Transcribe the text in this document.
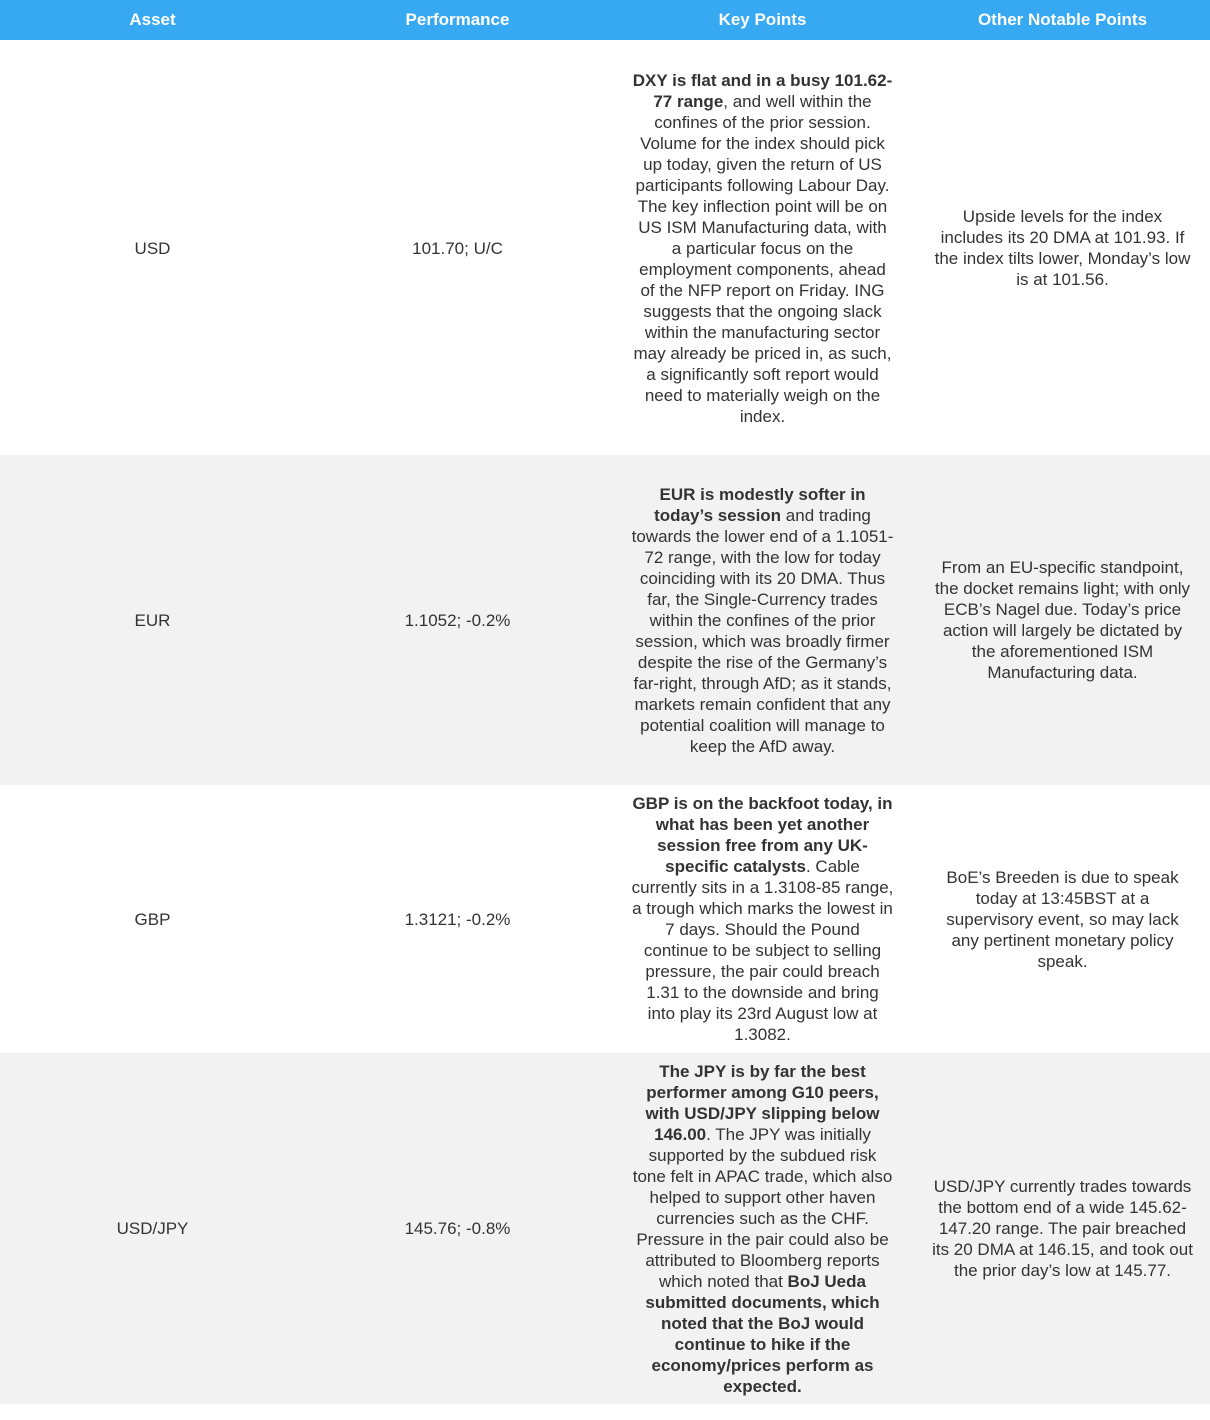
Asset	Performance	Key Points	Other Notable Points
USD	101.70; U/C	DXY is flat and in a busy 101.62-77 range, and well within the confines of the prior session. Volume for the index should pick up today, given the return of US participants following Labour Day. The key inflection point will be on US ISM Manufacturing data, with a particular focus on the employment components, ahead of the NFP report on Friday. ING suggests that the ongoing slack within the manufacturing sector may already be priced in, as such, a significantly soft report would need to materially weigh on the index.	Upside levels for the index includes its 20 DMA at 101.93. If the index tilts lower, Monday’s low is at 101.56.

EUR	1.1052; -0.2%	EUR is modestly softer in today’s session and trading towards the lower end of a 1.1051-72 range, with the low for today coinciding with its 20 DMA. Thus far, the Single-Currency trades within the confines of the prior session, which was broadly firmer despite the rise of the Germany’s far-right, through AfD; as it stands, markets remain confident that any potential coalition will manage to keep the AfD away.	From an EU-specific standpoint, the docket remains light; with only ECB’s Nagel due. Today’s price action will largely be dictated by the aforementioned ISM Manufacturing data.

GBP	1.3121; -0.2%	GBP is on the backfoot today, in what has been yet another session free from any UK-specific catalysts. Cable currently sits in a 1.3108-85 range, a trough which marks the lowest in 7 days. Should the Pound continue to be subject to selling pressure, the pair could breach 1.31 to the downside and bring into play its 23rd August low at 1.3082.	BoE’s Breeden is due to speak today at 13:45BST at a supervisory event, so may lack any pertinent monetary policy speak.

USD/JPY	145.76; -0.8%	The JPY is by far the best performer among G10 peers, with USD/JPY slipping below 146.00. The JPY was initially supported by the subdued risk tone felt in APAC trade, which also helped to support other haven currencies such as the CHF. Pressure in the pair could also be attributed to Bloomberg reports which noted that BoJ Ueda submitted documents, which noted that the BoJ would continue to hike if the economy/prices perform as expected.	USD/JPY currently trades towards the bottom end of a wide 145.62-147.20 range. The pair breached its 20 DMA at 146.15, and took out the prior day’s low at 145.77.
